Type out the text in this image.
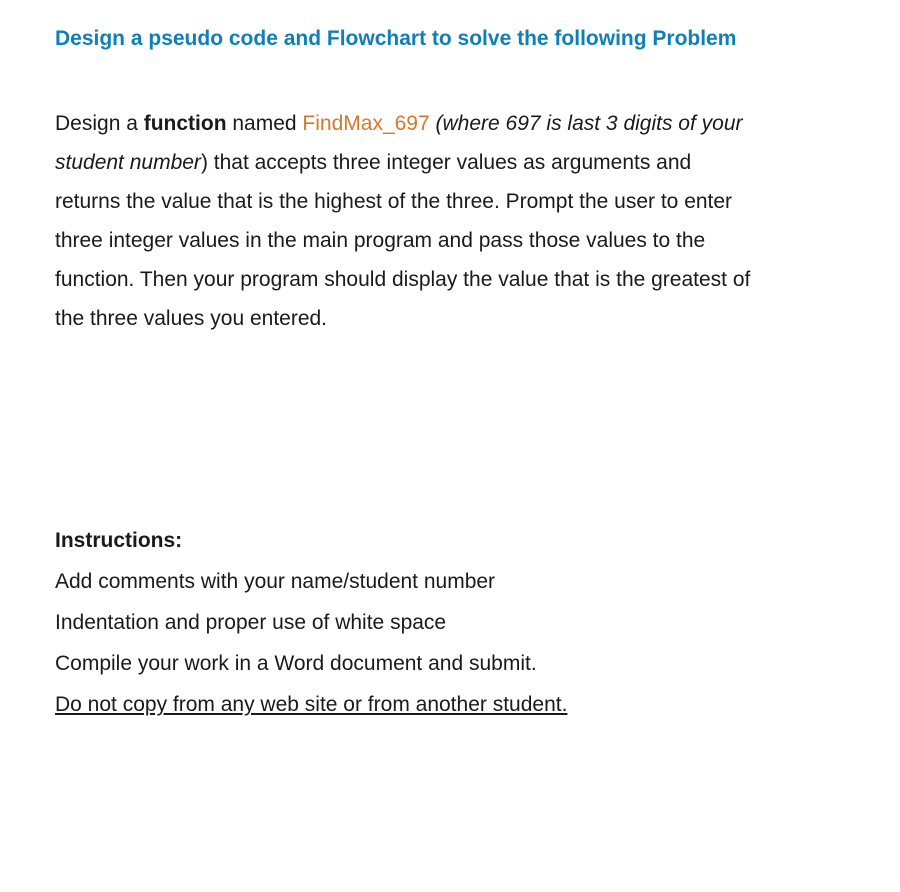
Design a pseudo code and Flowchart to solve the following Problem

Design a function named FindMax_697 (where 697 is last 3 digits of your
student number) that accepts three integer values as arguments and
returns the value that is the highest of the three. Prompt the user to enter
three integer values in the main program and pass those values to the
function. Then your program should display the value that is the greatest of
the three values you entered.

Instructions:

Add comments with your name/student number

Indentation and proper use of white space

Compile your work in a Word document and submit.

Do not copy from any web site or from another student.
